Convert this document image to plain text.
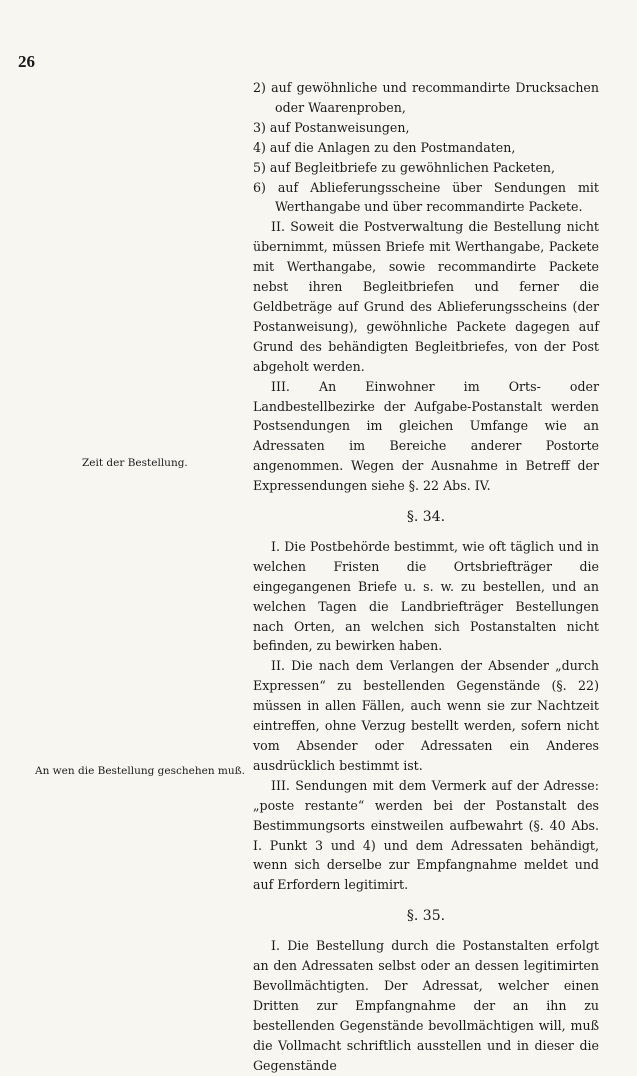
26
Zeit der Bestellung.
An wen die Bestellung geschehen muß.

2) auf gewöhnliche und recommandirte Drucksachen oder Waarenproben,

3) auf Postanweisungen,

4) auf die Anlagen zu den Postmandaten,

5) auf Begleitbriefe zu gewöhnlichen Packeten,

6) auf Ablieferungsscheine über Sendungen mit Werthangabe und über recommandirte Packete.

II. Soweit die Postverwaltung die Bestellung nicht übernimmt, müssen Briefe mit Werthangabe, Packete mit Werthangabe, sowie recommandirte Packete nebst ihren Begleitbriefen und ferner die Geldbeträge auf Grund des Ablieferungsscheins (der Postanweisung), gewöhnliche Packete dagegen auf Grund des behändigten Begleitbriefes, von der Post abgeholt werden.

III. An Einwohner im Orts- oder Landbestellbezirke der Aufgabe-Postanstalt werden Postsendungen im gleichen Umfange wie an Adressaten im Bereiche anderer Postorte angenommen. Wegen der Ausnahme in Betreff der Expressendungen siehe §. 22 Abs. IV.

§. 34.

I. Die Postbehörde bestimmt, wie oft täglich und in welchen Fristen die Ortsbriefträger die eingegangenen Briefe u. s. w. zu bestellen, und an welchen Tagen die Landbriefträger Bestellungen nach Orten, an welchen sich Postanstalten nicht befinden, zu bewirken haben.

II. Die nach dem Verlangen der Absender „durch Expressen“ zu bestellenden Gegenstände (§. 22) müssen in allen Fällen, auch wenn sie zur Nachtzeit eintreffen, ohne Verzug bestellt werden, sofern nicht vom Absender oder Adressaten ein Anderes ausdrücklich bestimmt ist.

III. Sendungen mit dem Vermerk auf der Adresse: „poste restante“ werden bei der Postanstalt des Bestimmungsorts einstweilen aufbewahrt (§. 40 Abs. I. Punkt 3 und 4) und dem Adressaten behändigt, wenn sich derselbe zur Empfangnahme meldet und auf Erfordern legitimirt.

§. 35.

I. Die Bestellung durch die Postanstalten erfolgt an den Adressaten selbst oder an dessen legitimirten Bevollmächtigten. Der Adressat, welcher einen Dritten zur Empfangnahme der an ihn zu bestellenden Gegenstände bevollmächtigen will, muß die Vollmacht schriftlich ausstellen und in dieser die Gegenstände
